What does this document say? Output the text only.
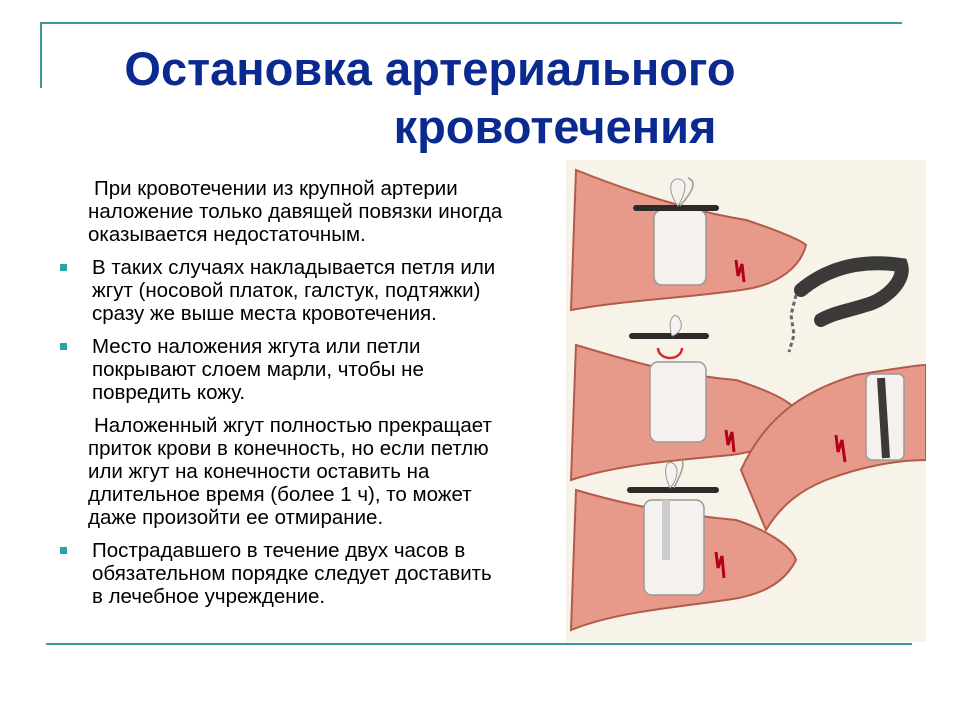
Остановка артериального
кровотечения
При кровотечении из крупной артерии
наложение только давящей повязки иногда
оказывается недостаточным.
В таких случаях накладывается петля или
жгут (носовой платок, галстук, подтяжки)
сразу же выше места кровотечения.
Место наложения жгута или петли
покрывают слоем марли, чтобы не
повредить кожу.
Наложенный жгут полностью прекращает
приток крови в конечность, но если петлю
или жгут на конечности оставить на
длительное время (более 1 ч), то может
даже произойти ее отмирание.
Пострадавшего в течение двух часов в
обязательном порядке следует доставить
в лечебное учреждение.
